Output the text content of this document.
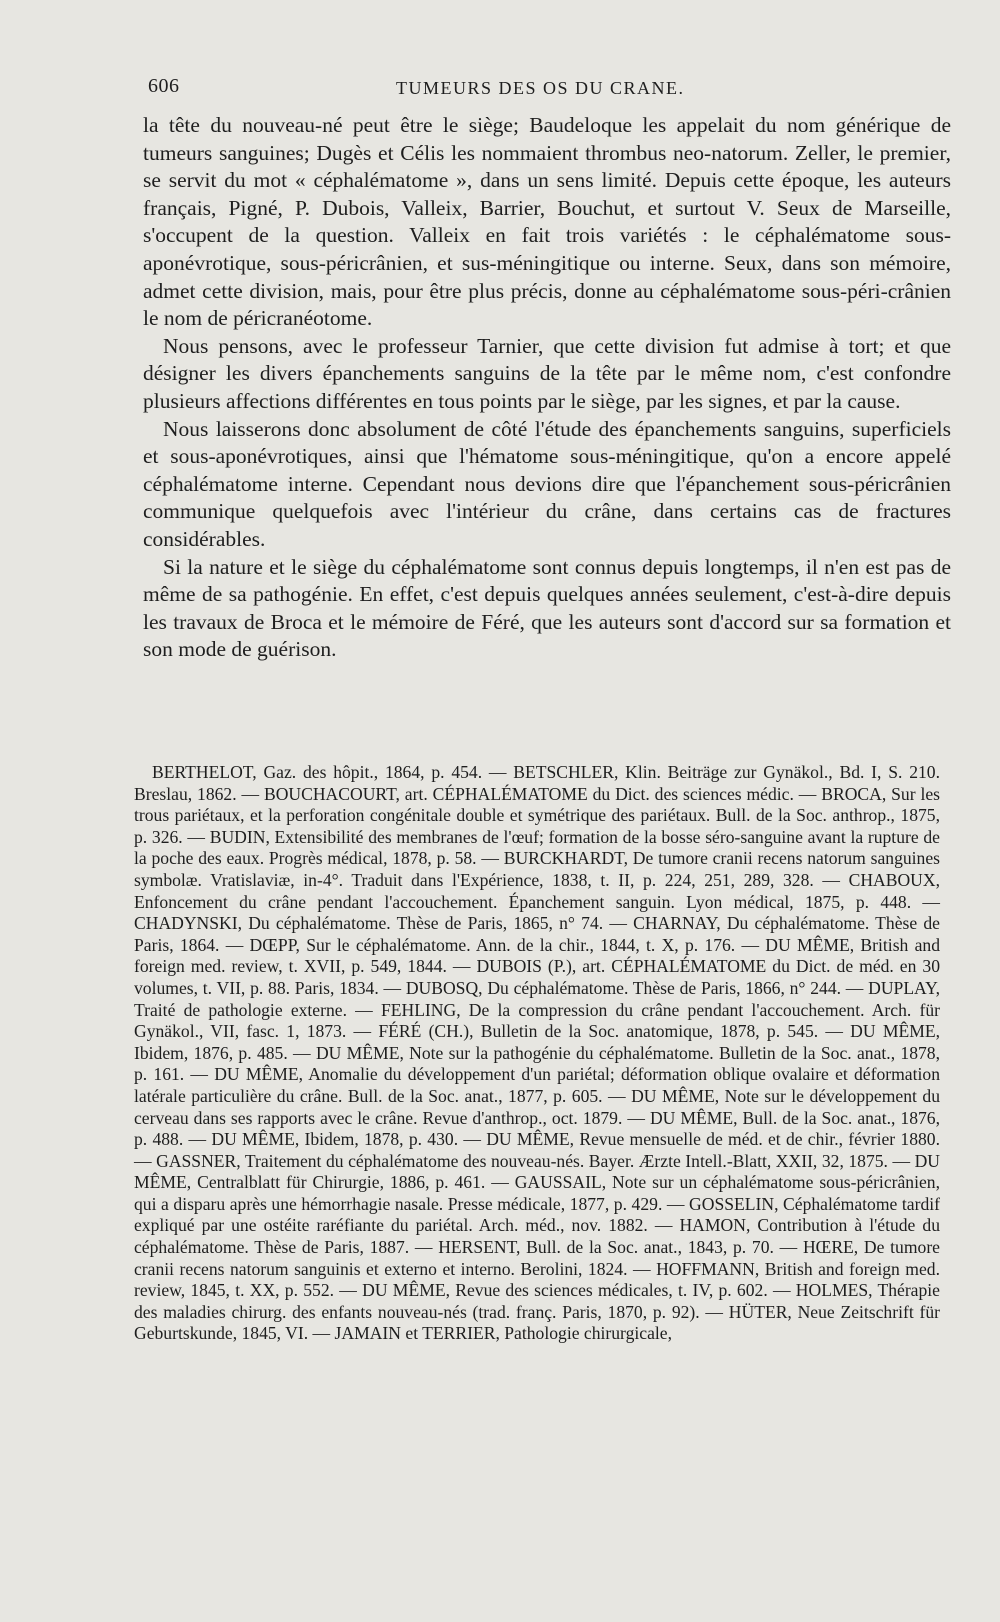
606	TUMEURS DES OS DU CRANE.

la tête du nouveau-né peut être le siège; Baudeloque les appelait du nom générique de tumeurs sanguines; Dugès et Célis les nommaient thrombus neo-natorum. Zeller, le premier, se servit du mot « céphalématome », dans un sens limité. Depuis cette époque, les auteurs français, Pigné, P. Dubois, Valleix, Barrier, Bouchut, et surtout V. Seux de Marseille, s'occupent de la question. Valleix en fait trois variétés : le céphalématome sous-aponévrotique, sous-péricrânien, et sus-méningitique ou interne. Seux, dans son mémoire, admet cette division, mais, pour être plus précis, donne au céphalématome sous-péri-crânien le nom de péricranéotome.

Nous pensons, avec le professeur Tarnier, que cette division fut admise à tort; et que désigner les divers épanchements sanguins de la tête par le même nom, c'est confondre plusieurs affections différentes en tous points par le siège, par les signes, et par la cause.

Nous laisserons donc absolument de côté l'étude des épanchements sanguins, superficiels et sous-aponévrotiques, ainsi que l'hématome sous-méningitique, qu'on a encore appelé céphalématome interne. Cependant nous devions dire que l'épanchement sous-péricrânien communique quelquefois avec l'intérieur du crâne, dans certains cas de fractures considérables.

Si la nature et le siège du céphalématome sont connus depuis longtemps, il n'en est pas de même de sa pathogénie. En effet, c'est depuis quelques années seulement, c'est-à-dire depuis les travaux de Broca et le mémoire de Féré, que les auteurs sont d'accord sur sa formation et son mode de guérison.

BERTHELOT, Gaz. des hôpit., 1864, p. 454. — BETSCHLER, Klin. Beiträge zur Gynäkol., Bd. I, S. 210. Breslau, 1862. — BOUCHACOURT, art. CÉPHALÉMATOME du Dict. des sciences médic. — BROCA, Sur les trous pariétaux, et la perforation congénitale double et symétrique des pariétaux. Bull. de la Soc. anthrop., 1875, p. 326. — BUDIN, Extensibilité des membranes de l'œuf; formation de la bosse séro-sanguine avant la rupture de la poche des eaux. Progrès médical, 1878, p. 58. — BURCKHARDT, De tumore cranii recens natorum sanguines symbolæ. Vratislaviæ, in-4°. Traduit dans l'Expérience, 1838, t. II, p. 224, 251, 289, 328. — CHABOUX, Enfoncement du crâne pendant l'accouchement. Épanchement sanguin. Lyon médical, 1875, p. 448. — CHADYNSKI, Du céphalématome. Thèse de Paris, 1865, n° 74. — CHARNAY, Du céphalématome. Thèse de Paris, 1864. — DŒPP, Sur le céphalématome. Ann. de la chir., 1844, t. X, p. 176. — DU MÊME, British and foreign med. review, t. XVII, p. 549, 1844. — DUBOIS (P.), art. CÉPHALÉMATOME du Dict. de méd. en 30 volumes, t. VII, p. 88. Paris, 1834. — DUBOSQ, Du céphalématome. Thèse de Paris, 1866, n° 244. — DUPLAY, Traité de pathologie externe. — FEHLING, De la compression du crâne pendant l'accouchement. Arch. für Gynäkol., VII, fasc. 1, 1873. — FÉRÉ (CH.), Bulletin de la Soc. anatomique, 1878, p. 545. — DU MÊME, Ibidem, 1876, p. 485. — DU MÊME, Note sur la pathogénie du céphalématome. Bulletin de la Soc. anat., 1878, p. 161. — DU MÊME, Anomalie du développement d'un pariétal; déformation oblique ovalaire et déformation latérale particulière du crâne. Bull. de la Soc. anat., 1877, p. 605. — DU MÊME, Note sur le développement du cerveau dans ses rapports avec le crâne. Revue d'anthrop., oct. 1879. — DU MÊME, Bull. de la Soc. anat., 1876, p. 488. — DU MÊME, Ibidem, 1878, p. 430. — DU MÊME, Revue mensuelle de méd. et de chir., février 1880. — GASSNER, Traitement du céphalématome des nouveau-nés. Bayer. Ærzte Intell.-Blatt, XXII, 32, 1875. — DU MÊME, Centralblatt für Chirurgie, 1886, p. 461. — GAUSSAIL, Note sur un céphalématome sous-péricrânien, qui a disparu après une hémorrhagie nasale. Presse médicale, 1877, p. 429. — GOSSELIN, Céphalématome tardif expliqué par une ostéite raréfiante du pariétal. Arch. méd., nov. 1882. — HAMON, Contribution à l'étude du céphalématome. Thèse de Paris, 1887. — HERSENT, Bull. de la Soc. anat., 1843, p. 70. — HŒRE, De tumore cranii recens natorum sanguinis et externo et interno. Berolini, 1824. — HOFFMANN, British and foreign med. review, 1845, t. XX, p. 552. — DU MÊME, Revue des sciences médicales, t. IV, p. 602. — HOLMES, Thérapie des maladies chirurg. des enfants nouveau-nés (trad. franç. Paris, 1870, p. 92). — HÜTER, Neue Zeitschrift für Geburtskunde, 1845, VI. — JAMAIN et TERRIER, Pathologie chirurgicale,
